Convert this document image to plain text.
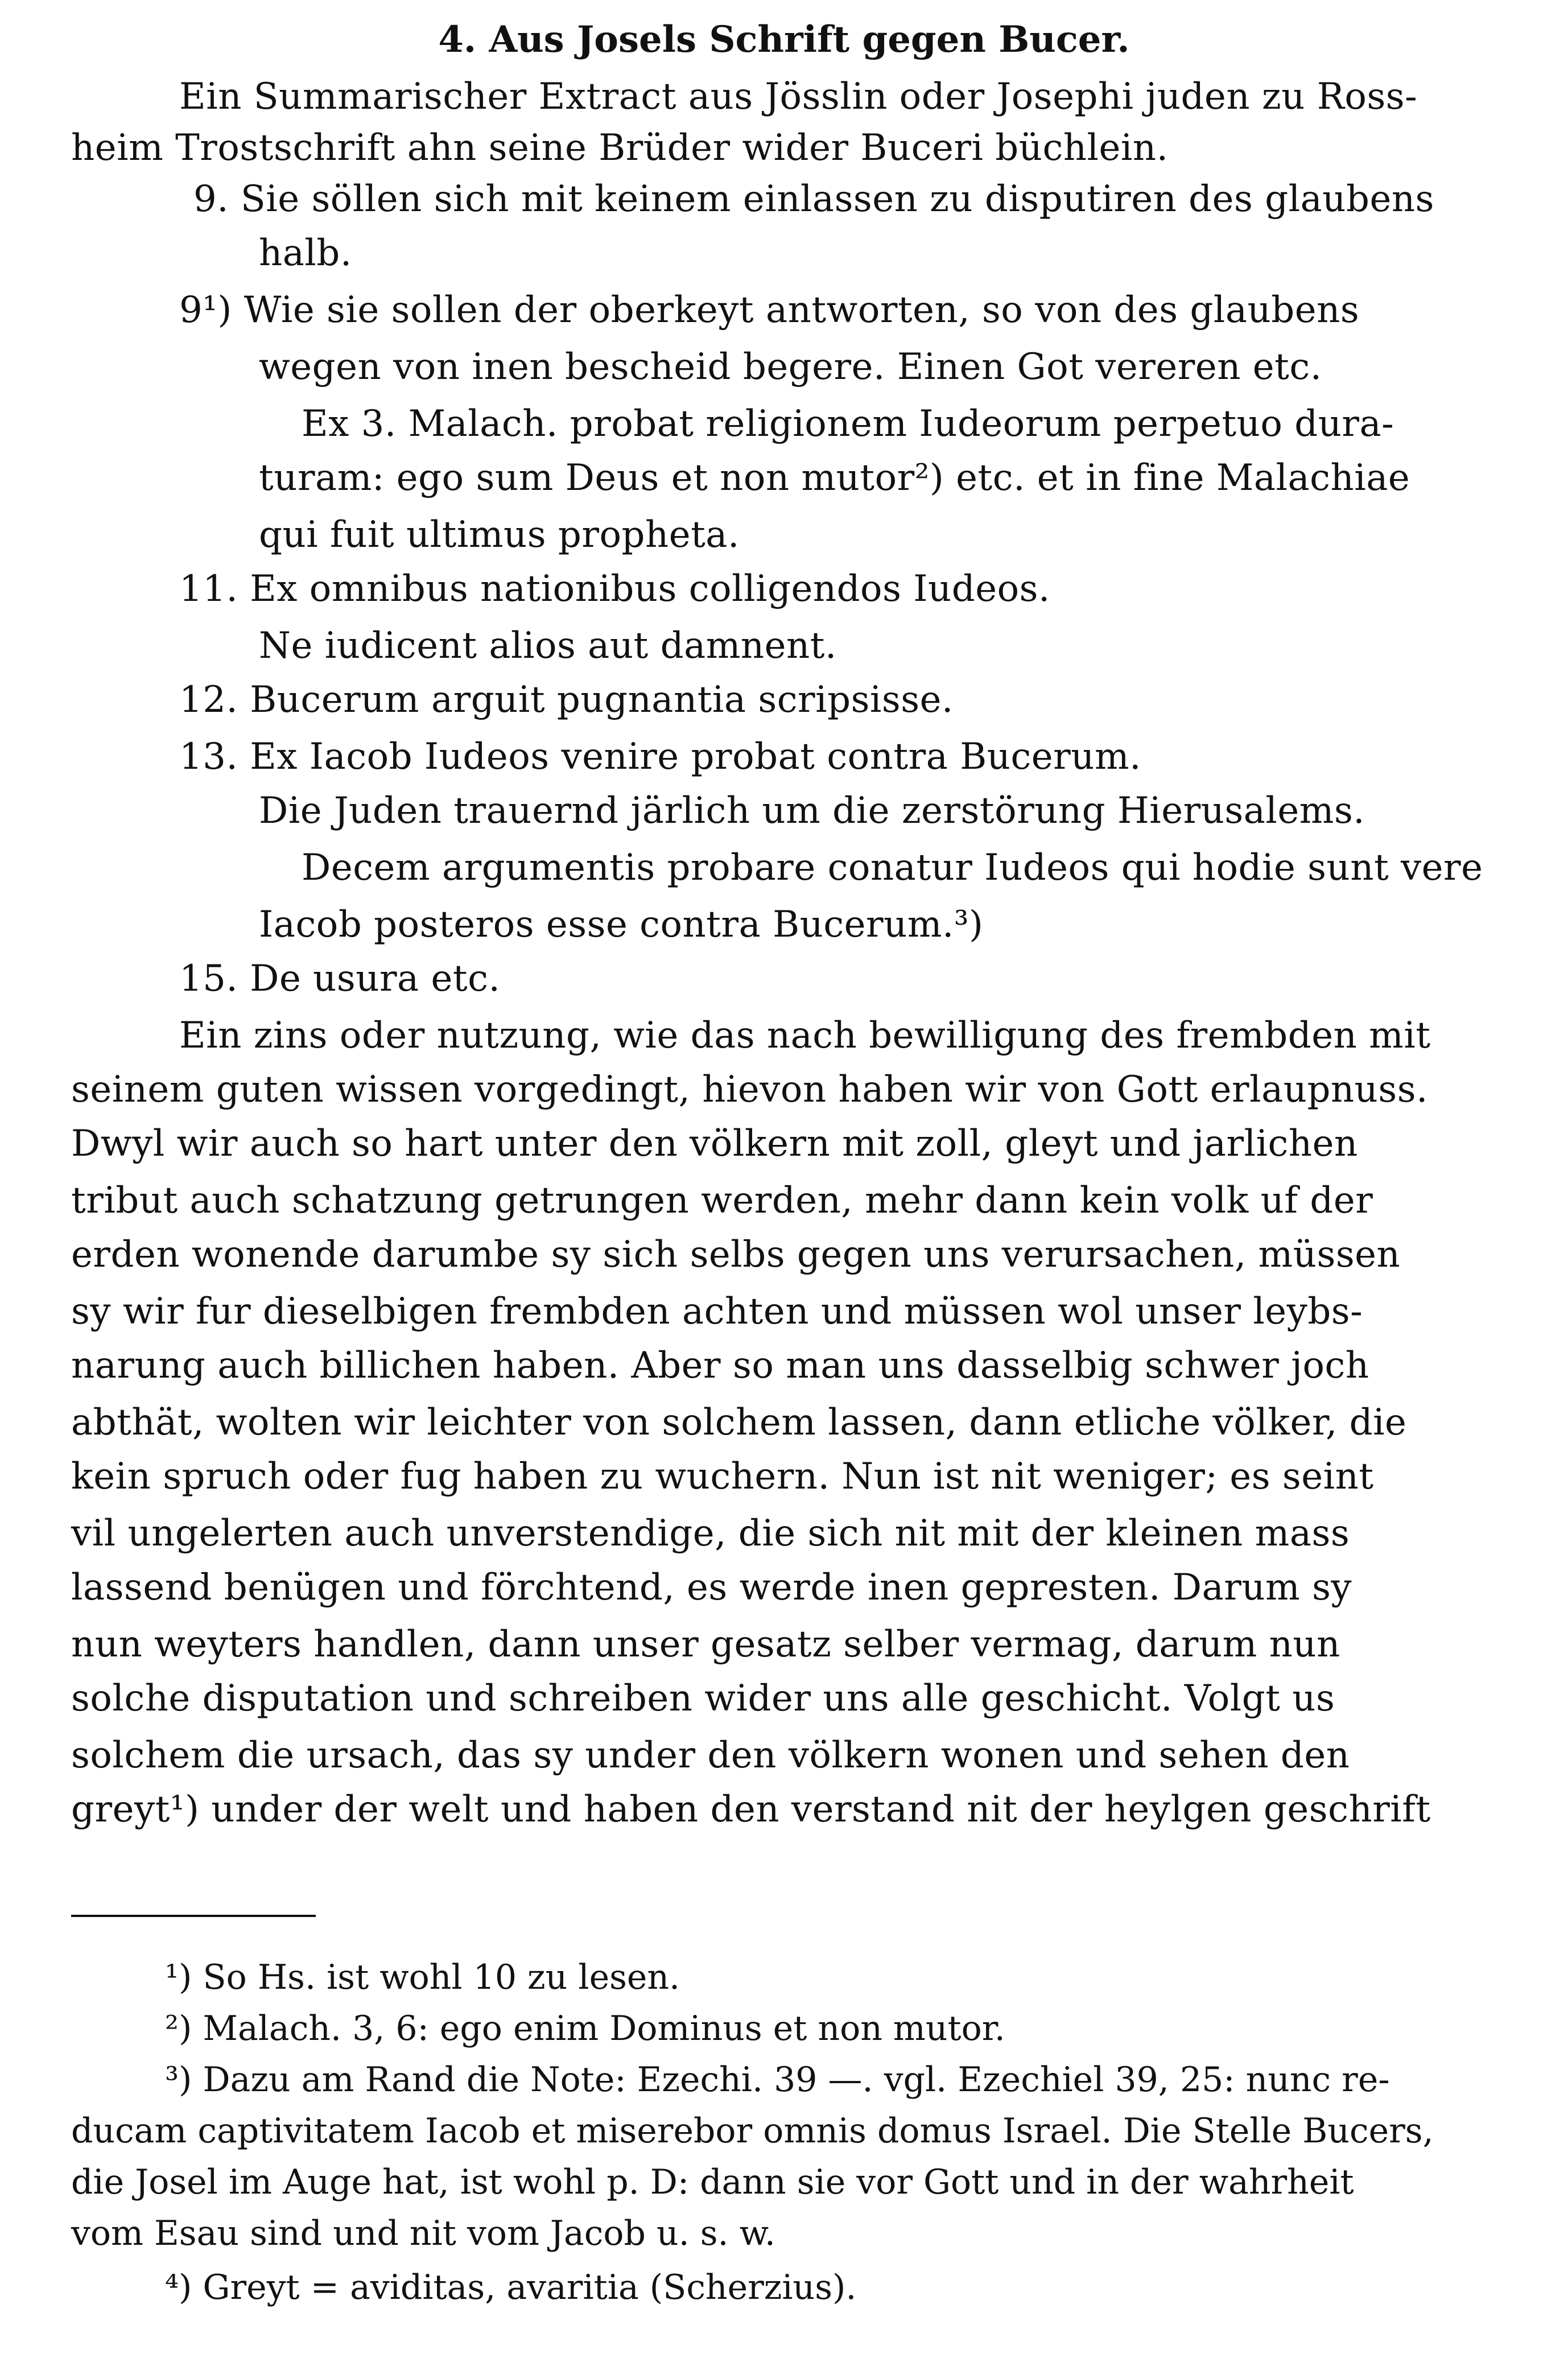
4. Aus Josels Schrift gegen Bucer.
Ein Summarischer Extract aus Jösslin oder Josephi juden zu Ross-
heim Trostschrift ahn seine Brüder wider Buceri büchlein.
9. Sie söllen sich mit keinem einlassen zu disputiren des glaubens
halb.
9¹) Wie sie sollen der oberkeyt antworten, so von des glaubens
wegen von inen bescheid begere. Einen Got vereren etc.
Ex 3. Malach. probat religionem Iudeorum perpetuo dura-
turam: ego sum Deus et non mutor²) etc. et in fine Malachiae
qui fuit ultimus propheta.
11. Ex omnibus nationibus colligendos Iudeos.
Ne iudicent alios aut damnent.
12. Bucerum arguit pugnantia scripsisse.
13. Ex Iacob Iudeos venire probat contra Bucerum.
Die Juden trauernd järlich um die zerstörung Hierusalems.
Decem argumentis probare conatur Iudeos qui hodie sunt vere
Iacob posteros esse contra Bucerum.³)
15. De usura etc.
Ein zins oder nutzung, wie das nach bewilligung des frembden mit
seinem guten wissen vorgedingt, hievon haben wir von Gott erlaupnuss.
Dwyl wir auch so hart unter den völkern mit zoll, gleyt und jarlichen
tribut auch schatzung getrungen werden, mehr dann kein volk uf der
erden wonende darumbe sy sich selbs gegen uns verursachen, müssen
sy wir fur dieselbigen frembden achten und müssen wol unser leybs-
narung auch billichen haben. Aber so man uns dasselbig schwer joch
abthät, wolten wir leichter von solchem lassen, dann etliche völker, die
kein spruch oder fug haben zu wuchern. Nun ist nit weniger; es seint
vil ungelerten auch unverstendige, die sich nit mit der kleinen mass
lassend benügen und förchtend, es werde inen gepresten. Darum sy
nun weyters handlen, dann unser gesatz selber vermag, darum nun
solche disputation und schreiben wider uns alle geschicht. Volgt us
solchem die ursach, das sy under den völkern wonen und sehen den
greyt¹) under der welt und haben den verstand nit der heylgen geschrift
¹) So Hs. ist wohl 10 zu lesen.
²) Malach. 3, 6: ego enim Dominus et non mutor.
³) Dazu am Rand die Note: Ezechi. 39 —. vgl. Ezechiel 39, 25: nunc re-
ducam captivitatem Iacob et miserebor omnis domus Israel. Die Stelle Bucers,
die Josel im Auge hat, ist wohl p. D: dann sie vor Gott und in der wahrheit
vom Esau sind und nit vom Jacob u. s. w.
⁴) Greyt = aviditas, avaritia (Scherzius).
